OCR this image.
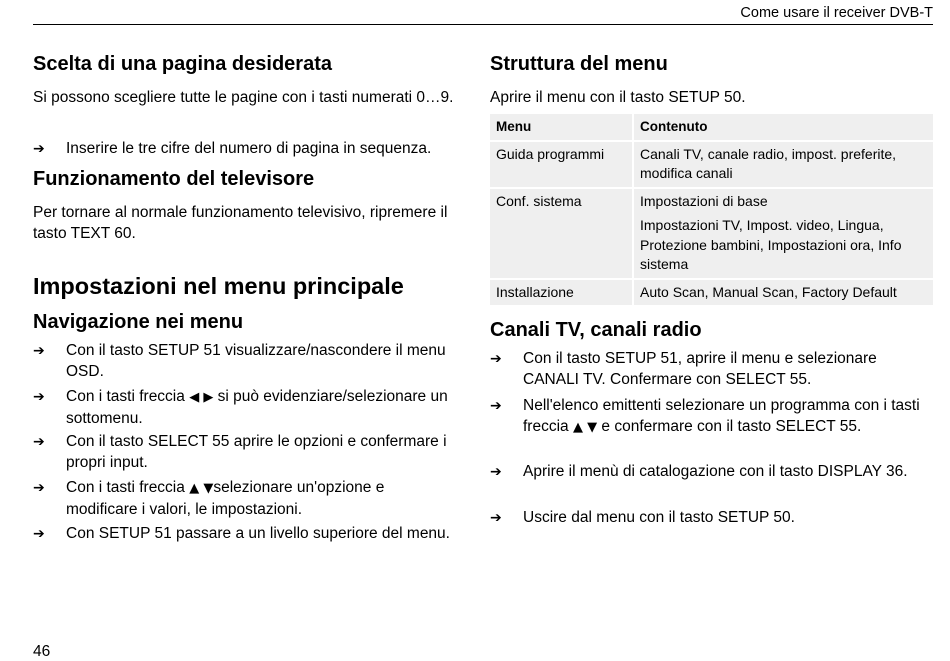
Come usare il receiver DVB-T
Scelta di una pagina desiderata

Si possono scegliere tutte le pagine con i tasti numerati 0…9.

➔	Inserire le tre cifre del numero di pagina in sequenza.
Funzionamento del televisore

Per tornare al normale funzionamento televisivo, ripremere il tasto TEXT 60.

Impostazioni nel menu principale
Navigazione nei menu
➔	Con il tasto SETUP 51 visualizzare/nascondere il menu OSD.
➔	Con i tasti freccia ◀ ▶ si può evidenziare/selezionare un sottomenu.
➔	Con il tasto SELECT 55 aprire le opzioni e confermare i propri input.
➔	Con i tasti freccia ▲ ▼selezionare un'opzione e modificare i valori, le impostazioni.
➔	Con SETUP 51 passare a un livello superiore del menu.
Struttura del menu

Aprire il menu con il tasto SETUP 50.

Menu	Contenuto
Guida programmi	Canali TV, canale radio, impost. preferite, modifica canali

Conf. sistema	Impostazioni di base
Impostazioni TV, Impost. video, Lingua, Protezione bambini, Impostazioni ora, Info sistema

Installazione	Auto Scan, Manual Scan, Factory Default
Canali TV, canali radio
➔	Con il tasto SETUP 51, aprire il menu e selezionare CANALI TV. Confermare con SELECT 55.
➔	Nell'elenco emittenti selezionare un programma con i tasti freccia ▲ ▼ e confermare con il tasto SELECT 55.
➔	Aprire il menù di catalogazione con il tasto DISPLAY 36.
➔	Uscire dal menu con il tasto SETUP 50.
46
